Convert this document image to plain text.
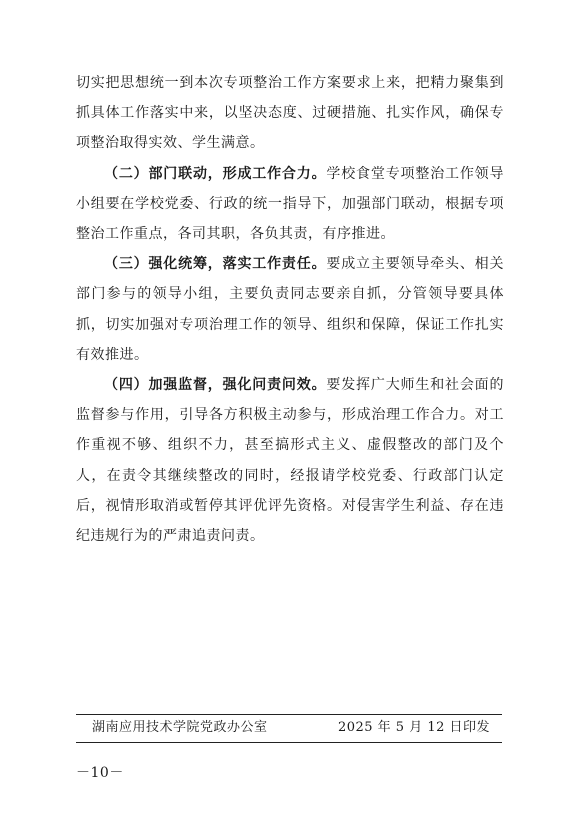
切实把思想统一到本次专项整治工作方案要求上来，把精力聚集到抓具体工作落实中来，以坚决态度、过硬措施、扎实作风，确保专项整治取得实效、学生满意。

（二）部门联动，形成工作合力。学校食堂专项整治工作领导小组要在学校党委、行政的统一指导下，加强部门联动，根据专项整治工作重点，各司其职，各负其责，有序推进。

（三）强化统筹，落实工作责任。要成立主要领导牵头、相关部门参与的领导小组，主要负责同志要亲自抓，分管领导要具体抓，切实加强对专项治理工作的领导、组织和保障，保证工作扎实有效推进。

（四）加强监督，强化问责问效。要发挥广大师生和社会面的监督参与作用，引导各方积极主动参与，形成治理工作合力。对工作重视不够、组织不力，甚至搞形式主义、虚假整改的部门及个人，在责令其继续整改的同时，经报请学校党委、行政部门认定后，视情形取消或暂停其评优评先资格。对侵害学生利益、存在违纪违规行为的严肃追责问责。

湖南应用技术学院党政办公室	2025 年 5 月 12 日印发
－10－
